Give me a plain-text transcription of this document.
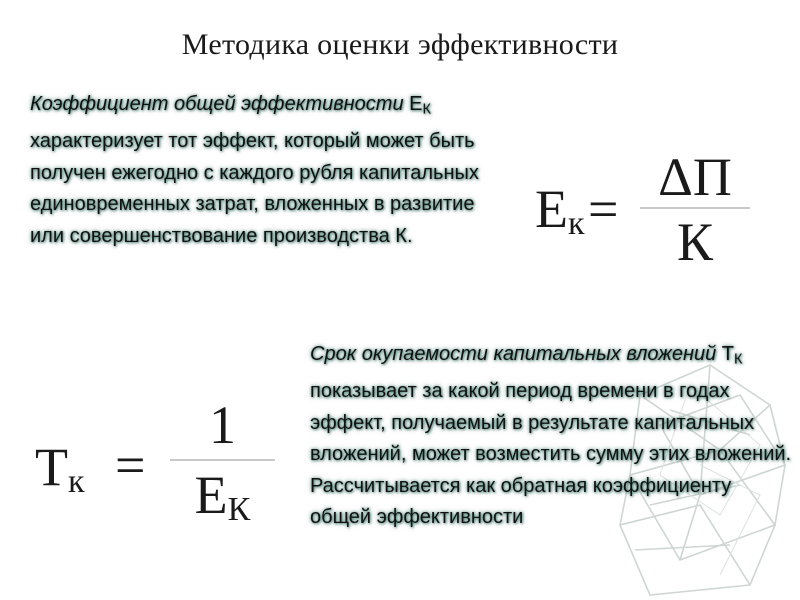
Методика оценки эффективности
Коэффициент общей эффективности $Е_К$ характеризует тот эффект, который может быть получен ежегодно с каждого рубля капитальных единовременных затрат, вложенных в развитие или совершенствование производства К.	Ек =
ΔП
К
Срок окупаемости капитальных вложений $Т_К$ показывает за какой период времени в годах эффект, получаемый в результате капитальных вложений, может возместить сумму этих вложений. Рассчитывается как обратная коэффициенту общей эффективности
Тк =
1
ЕК
